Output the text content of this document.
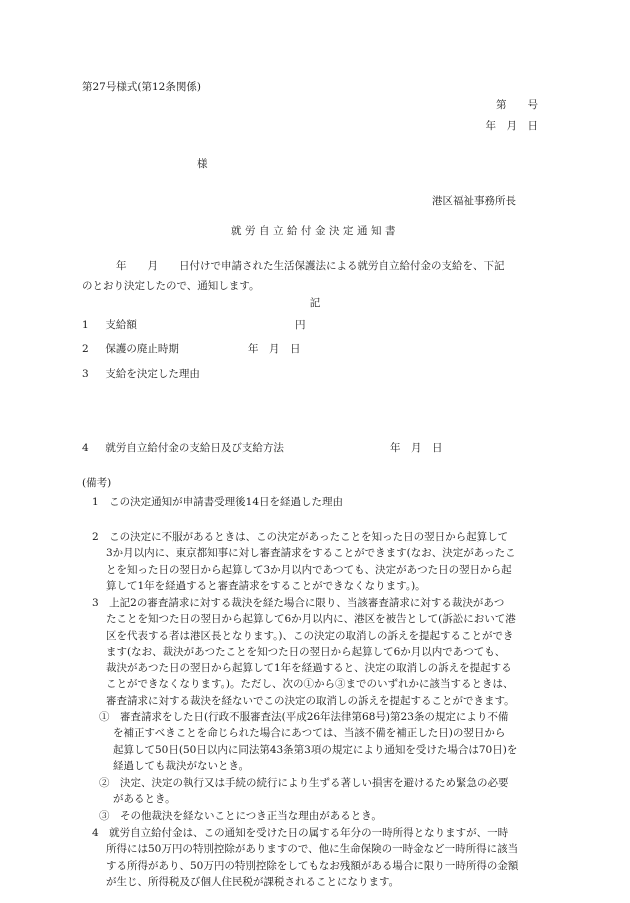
第27号様式(第12条関係)
第　　号
年　月　日
様
港区福祉事務所長
就労自立給付金決定通知書
年　　月　　日付けで申請された生活保護法による就労自立給付金の支給を、下記
のとおり決定したので、通知します。
記
1 支給額	円
2 保護の廃止時期	年　月　日
3 支給を決定した理由
4 就労自立給付金の支給日及び支給方法	年　月　日
(備考)
1　この決定通知が申請書受理後14日を経過した理由
2　この決定に不服があるときは、この決定があったことを知った日の翌日から起算して
3か月以内に、東京都知事に対し審査請求をすることができます(なお、決定があったこ
とを知った日の翌日から起算して3か月以内であつても、決定があつた日の翌日から起
算して1年を経過すると審査請求をすることができなくなります。)。
3　上記2の審査請求に対する裁決を経た場合に限り、当該審査請求に対する裁決があつ
たことを知つた日の翌日から起算して6か月以内に、港区を被告として(訴訟において港
区を代表する者は港区長となります。)、この決定の取消しの訴えを提起することができ
ます(なお、裁決があつたことを知つた日の翌日から起算して6か月以内であつても、
裁決があつた日の翌日から起算して1年を経過すると、決定の取消しの訴えを提起する
ことができなくなります。)。ただし、次の①から③までのいずれかに該当するときは、
審査請求に対する裁決を経ないでこの決定の取消しの訴えを提起することができます。
①　審査請求をした日(行政不服審査法(平成26年法律第68号)第23条の規定により不備
を補正すべきことを命じられた場合にあつては、当該不備を補正した日)の翌日から
起算して50日(50日以内に同法第43条第3項の規定により通知を受けた場合は70日)を
経過しても裁決がないとき。
②　決定、決定の執行又は手続の続行により生ずる著しい損害を避けるため緊急の必要
があるとき。
③　その他裁決を経ないことにつき正当な理由があるとき。
4　就労自立給付金は、この通知を受けた日の属する年分の一時所得となりますが、一時
所得には50万円の特別控除がありますので、他に生命保険の一時金など一時所得に該当
する所得があり、50万円の特別控除をしてもなお残額がある場合に限り一時所得の金額
が生じ、所得税及び個人住民税が課税されることになります。
